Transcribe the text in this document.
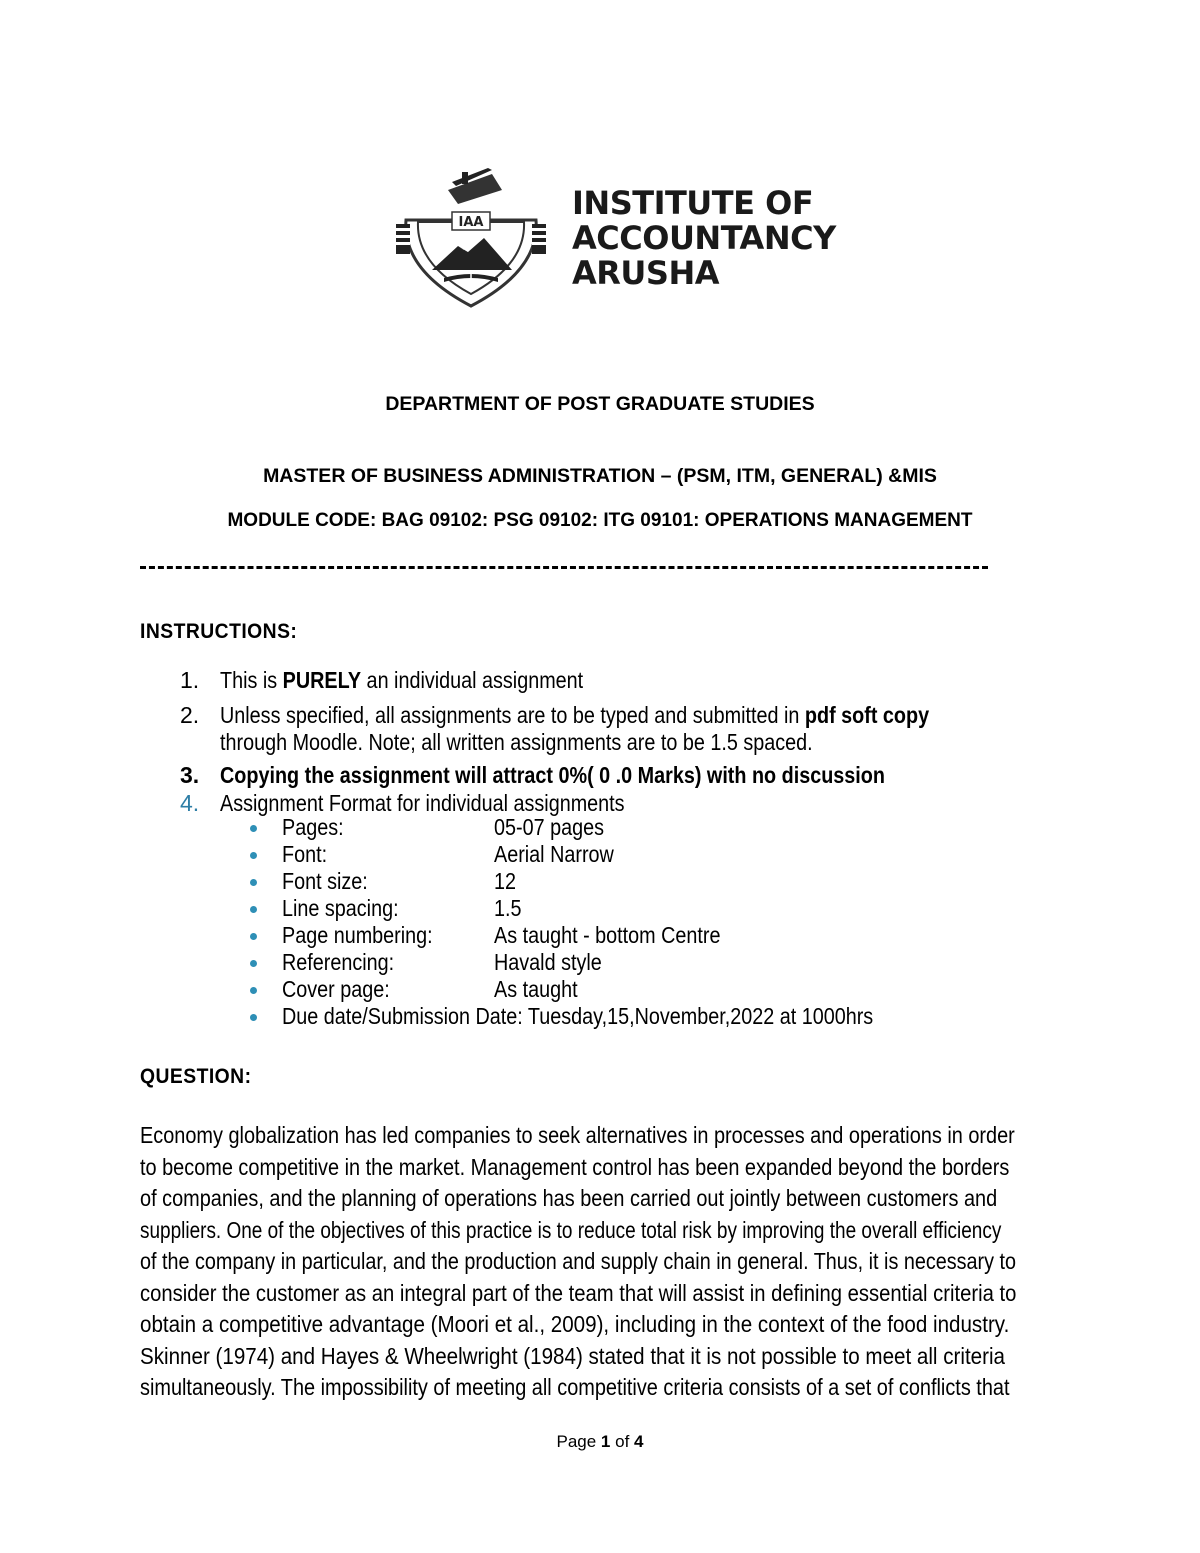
IAA
INSTITUTE OF
ACCOUNTANCY
ARUSHA
DEPARTMENT OF POST GRADUATE STUDIES
MASTER OF BUSINESS ADMINISTRATION – (PSM, ITM, GENERAL) &MIS
MODULE CODE: BAG 09102: PSG 09102: ITG 09101: OPERATIONS MANAGEMENT
INSTRUCTIONS:
1. This is PURELY an individual assignment
2. Unless specified, all assignments are to be typed and submitted in pdf soft copy
through Moodle. Note; all written assignments are to be 1.5 spaced.
3. Copying the assignment will attract 0%( 0 .0 Marks) with no discussion
4. Assignment Format for individual assignments
Pages:	05-07 pages
Font:	Aerial Narrow
Font size:	12
Line spacing:	1.5
Page numbering:	As taught - bottom Centre
Referencing:	Havald style
Cover page:	As taught
Due date/Submission Date: Tuesday,15,November,2022 at 1000hrs
QUESTION:
Economy globalization has led companies to seek alternatives in processes and operations in order
to become competitive in the market. Management control has been expanded beyond the borders
of companies, and the planning of operations has been carried out jointly between customers and
suppliers. One of the objectives of this practice is to reduce total risk by improving the overall efficiency
of the company in particular, and the production and supply chain in general. Thus, it is necessary to
consider the customer as an integral part of the team that will assist in defining essential criteria to
obtain a competitive advantage (Moori et al., 2009), including in the context of the food industry.
Skinner (1974) and Hayes & Wheelwright (1984) stated that it is not possible to meet all criteria
simultaneously. The impossibility of meeting all competitive criteria consists of a set of conflicts that
Page 1 of 4
